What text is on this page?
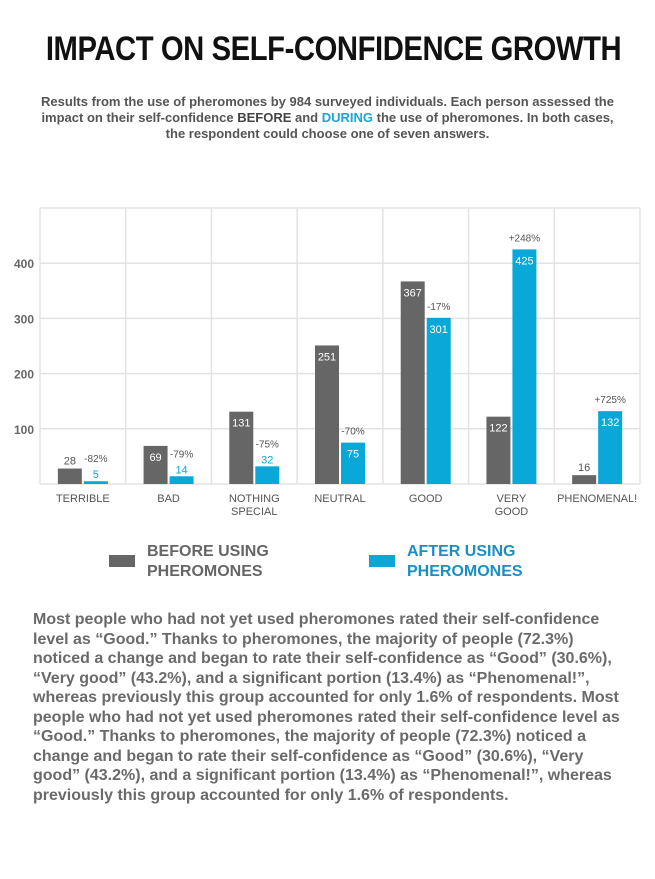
IMPACT ON SELF-CONFIDENCE GROWTH
Results from the use of pheromones by 984 surveyed individuals. Each person assessed the impact on their self-confidence BEFORE and DURING the use of pheromones. In both cases, the respondent could choose one of seven answers.
100
200
300
400
28
5
-82%	69
14
-79%
131
32
-75%
251
75
-70%
367
301
-17%
122
425
+248%
16
132
+725%
TERRIBLE	BAD	NOTHING SPECIAL
NEUTRAL	GOOD	VERY GOOD
PHENOMENAL!
BEFORE USING PHEROMONES
AFTER USING PHEROMONES
Most people who had not yet used pheromones rated their self-confidence level as “Good.” Thanks to pheromones, the majority of people (72.3%) noticed a change and began to rate their self-confidence as “Good” (30.6%), “Very good” (43.2%), and a significant portion (13.4%) as “Phenomenal!”, whereas previously this group accounted for only 1.6% of respondents. Most people who had not yet used pheromones rated their self-confidence level as “Good.” Thanks to pheromones, the majority of people (72.3%) noticed a change and began to rate their self-confidence as “Good” (30.6%), “Very good” (43.2%), and a significant portion (13.4%) as “Phenomenal!”, whereas previously this group accounted for only 1.6% of respondents.
